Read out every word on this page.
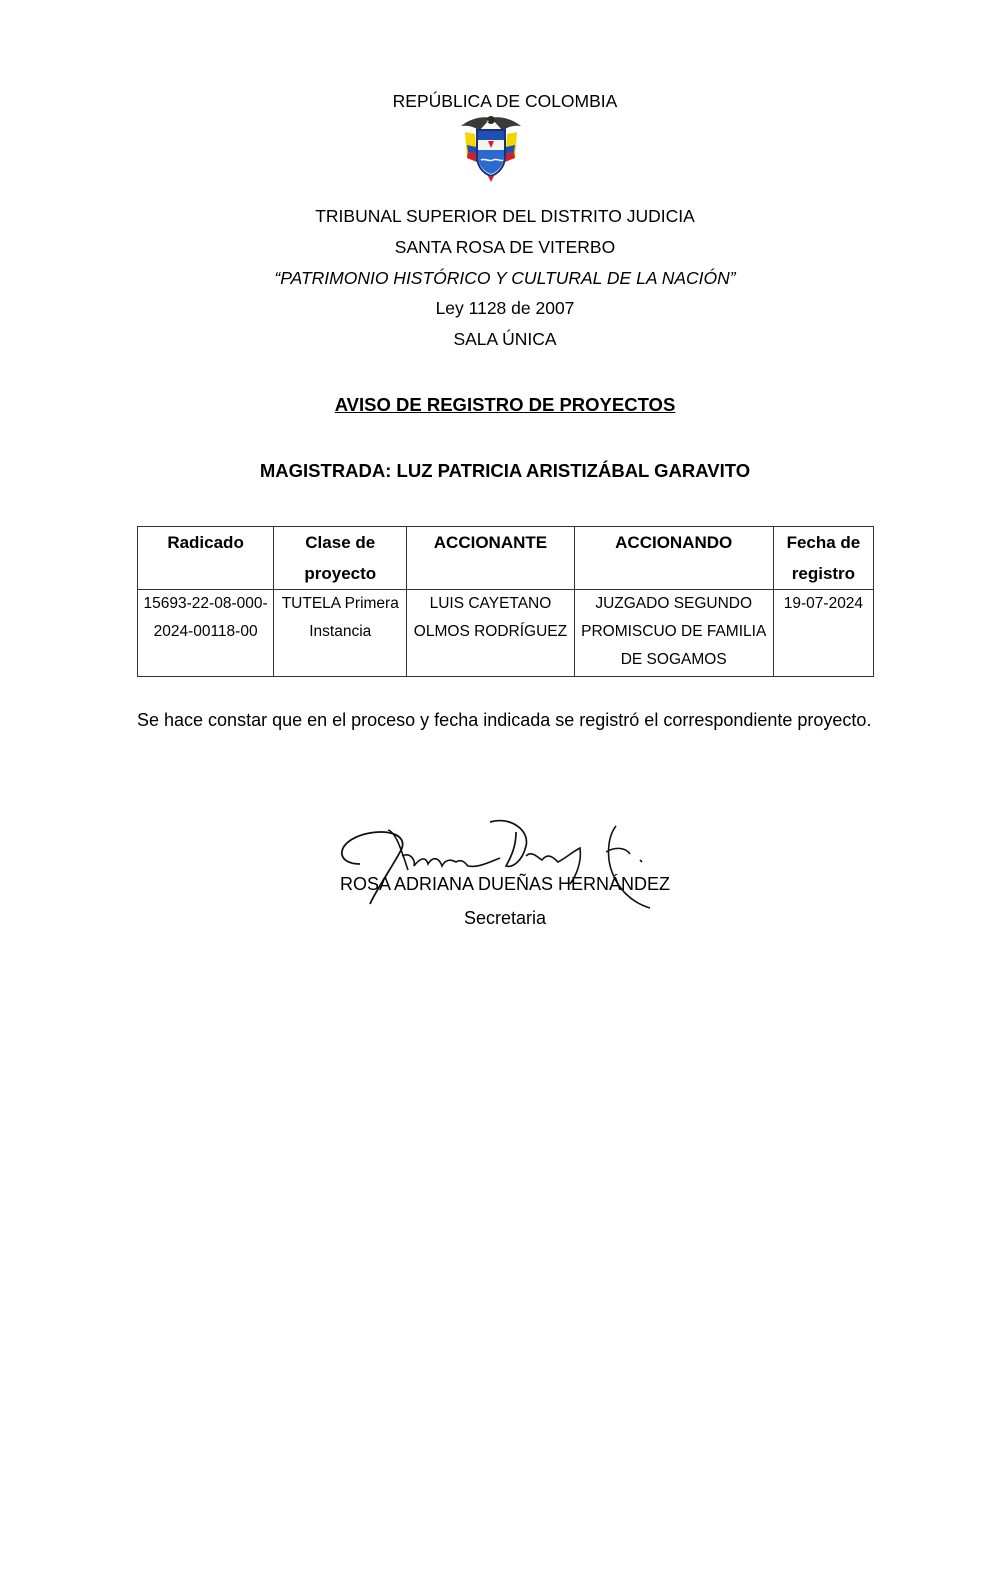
REPÚBLICA DE COLOMBIA
TRIBUNAL SUPERIOR DEL DISTRITO JUDICIA
SANTA ROSA DE VITERBO
“PATRIMONIO HISTÓRICO Y CULTURAL DE LA NACIÓN”
Ley 1128 de 2007
SALA ÚNICA
AVISO DE REGISTRO DE PROYECTOS
MAGISTRADA: LUZ PATRICIA ARISTIZÁBAL GARAVITO
Radicado	Clase de proyecto	ACCIONANTE	ACCIONANDO	Fecha de registro
15693-22-08-000-2024-00118-00	TUTELA Primera Instancia	LUIS CAYETANO OLMOS RODRÍGUEZ	JUZGADO SEGUNDO PROMISCUO DE FAMILIA DE SOGAMOS	19-07-2024
Se hace constar que en el proceso y fecha indicada se registró el correspondiente proyecto.
ROSA ADRIANA DUEÑAS HERNÁNDEZ
Secretaria
